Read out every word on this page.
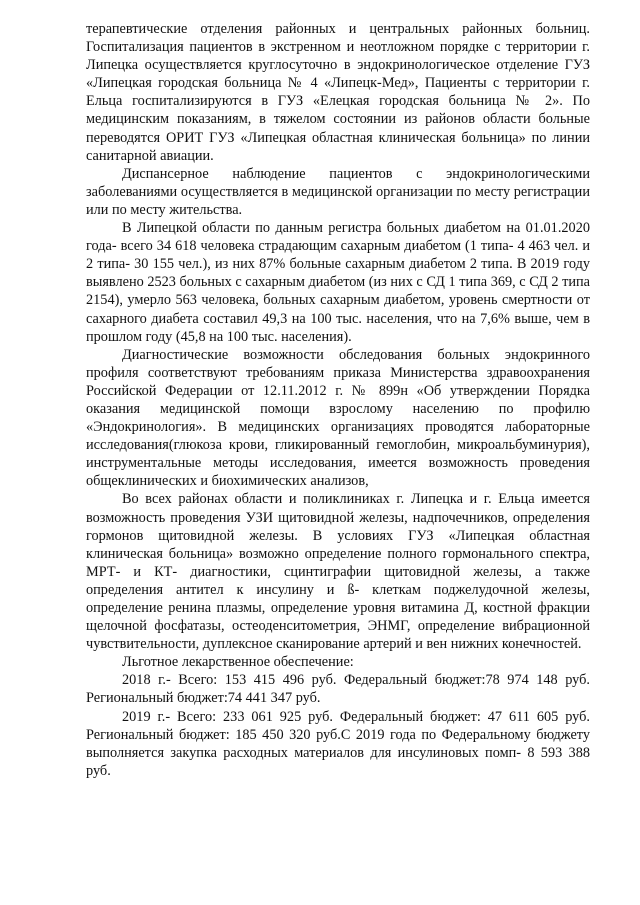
терапевтические отделения районных и центральных районных больниц. Госпитализация пациентов в экстренном и неотложном порядке с территории г. Липецка осуществляется круглосуточно в эндокринологическое отделение ГУЗ «Липецкая городская больница № 4 «Липецк-Мед», Пациенты с территории г. Ельца госпитализируются в ГУЗ «Елецкая городская больница № 2». По медицинским показаниям, в тяжелом состоянии из районов области больные переводятся ОРИТ ГУЗ «Липецкая областная клиническая больница» по линии санитарной авиации.

Диспансерное наблюдение пациентов с эндокринологическими заболеваниями осуществляется в медицинской организации по месту регистрации или по месту жительства.

В Липецкой области по данным регистра больных диабетом на 01.01.2020 года- всего 34 618 человека страдающим сахарным диабетом (1 типа- 4 463 чел. и 2 типа- 30 155 чел.), из них 87% больные сахарным диабетом 2 типа. В 2019 году выявлено 2523 больных с сахарным диабетом (из них с СД 1 типа 369, с СД 2 типа 2154), умерло 563 человека, больных сахарным диабетом, уровень смертности от сахарного диабета составил 49,3 на 100 тыс. населения, что на 7,6% выше, чем в прошлом году (45,8 на 100 тыс. населения).

Диагностические возможности обследования больных эндокринного профиля соответствуют требованиям приказа Министерства здравоохранения Российской Федерации от 12.11.2012 г. № 899н «Об утверждении Порядка оказания медицинской помощи взрослому населению по профилю «Эндокринология». В медицинских организациях проводятся лабораторные исследования(глюкоза крови, гликированный гемоглобин, микроальбуминурия), инструментальные методы исследования, имеется возможность проведения общеклинических и биохимических анализов,

Во всех районах области и поликлиниках г. Липецка и г. Ельца имеется возможность проведения УЗИ щитовидной железы, надпочечников, определения гормонов щитовидной железы. В условиях ГУЗ «Липецкая областная клиническая больница» возможно определение полного гормонального спектра, МРТ- и КТ- диагностики, сцинтиграфии щитовидной железы, а также определения антител к инсулину и ß- клеткам поджелудочной железы, определение ренина плазмы, определение уровня витамина Д, костной фракции щелочной фосфатазы, остеоденситометрия, ЭНМГ, определение вибрационной чувствительности, дуплексное сканирование артерий и вен нижних конечностей.

Льготное лекарственное обеспечение:

2018 г.- Всего: 153 415 496 руб. Федеральный бюджет:78 974 148 руб. Региональный бюджет:74 441 347 руб.

2019 г.- Всего: 233 061 925 руб. Федеральный бюджет: 47 611 605 руб. Региональный бюджет: 185 450 320 руб.С 2019 года по Федеральному бюджету выполняется закупка расходных материалов для инсулиновых помп- 8 593 388 руб.
